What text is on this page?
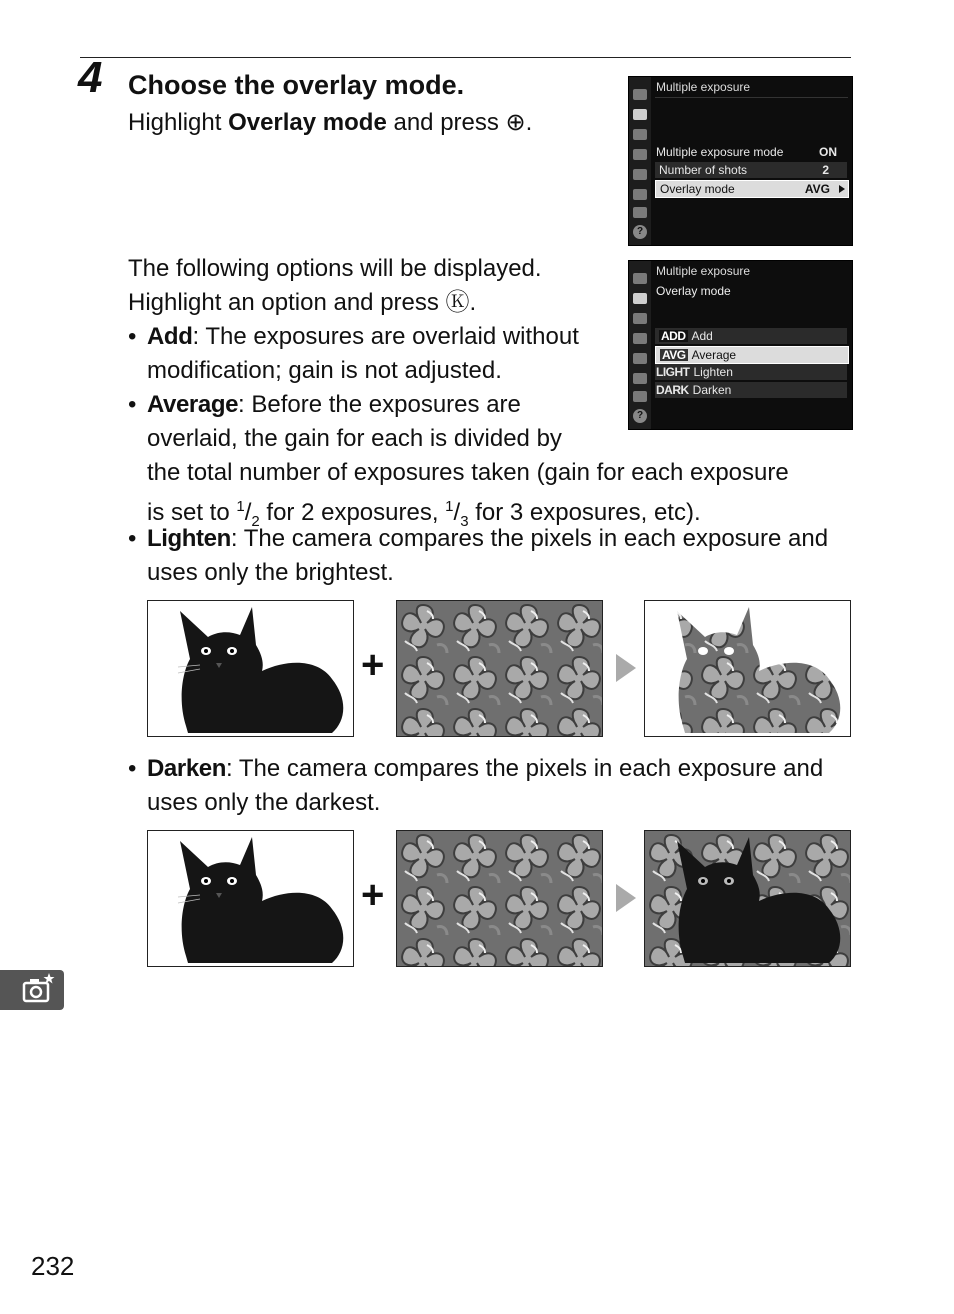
4 Choose the overlay mode.
Highlight Overlay mode and press ⊕.
The following options will be displayed.
Highlight an option and press Ⓚ.
• Add: The exposures are overlaid without modification; gain is not adjusted.
• Average: Before the exposures are
overlaid, the gain for each is divided by
the total number of exposures taken (gain for each exposure
is set to $^1/_2$ for 2 exposures, $^1/_3$ for 3 exposures, etc).
• Lighten: The camera compares the pixels in each exposure and uses only the brightest.
• Darken: The camera compares the pixels in each exposure and uses only the darkest.
?
Multiple exposure
Multiple exposure mode	ON
Number of shots	2
Overlay mode	AVG
?
Multiple exposure
Overlay mode
ADD Add
AVG Average
LIGHT Lighten
DARK Darken
+
+
232
